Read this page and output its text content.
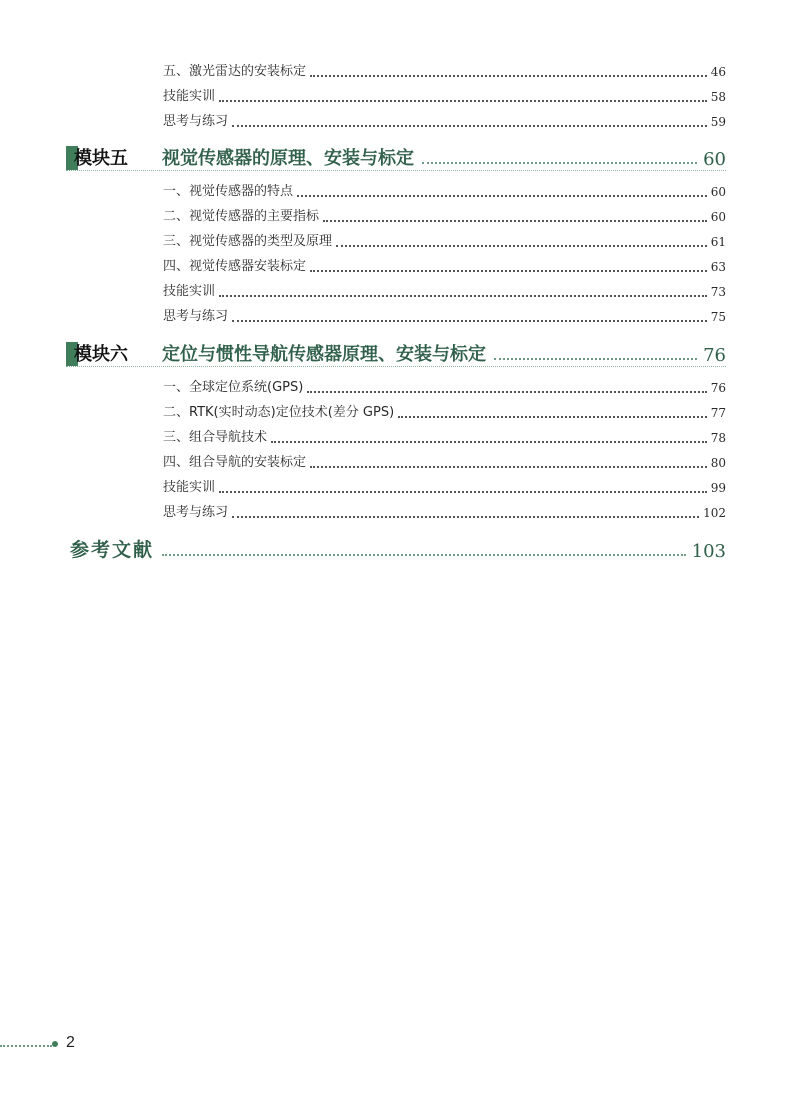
五、激光雷达的安装标定	46
技能实训	58
思考与练习	59
模块五	视觉传感器的原理、安装与标定	60
一、视觉传感器的特点	60
二、视觉传感器的主要指标	60
三、视觉传感器的类型及原理	61
四、视觉传感器安装标定	63
技能实训	73
思考与练习	75
模块六	定位与惯性导航传感器原理、安装与标定	76
一、全球定位系统(GPS)	76
二、RTK(实时动态)定位技术(差分 GPS)	77
三、组合导航技术	78
四、组合导航的安装标定	80
技能实训	99
思考与练习	102
参考文献	103
2
